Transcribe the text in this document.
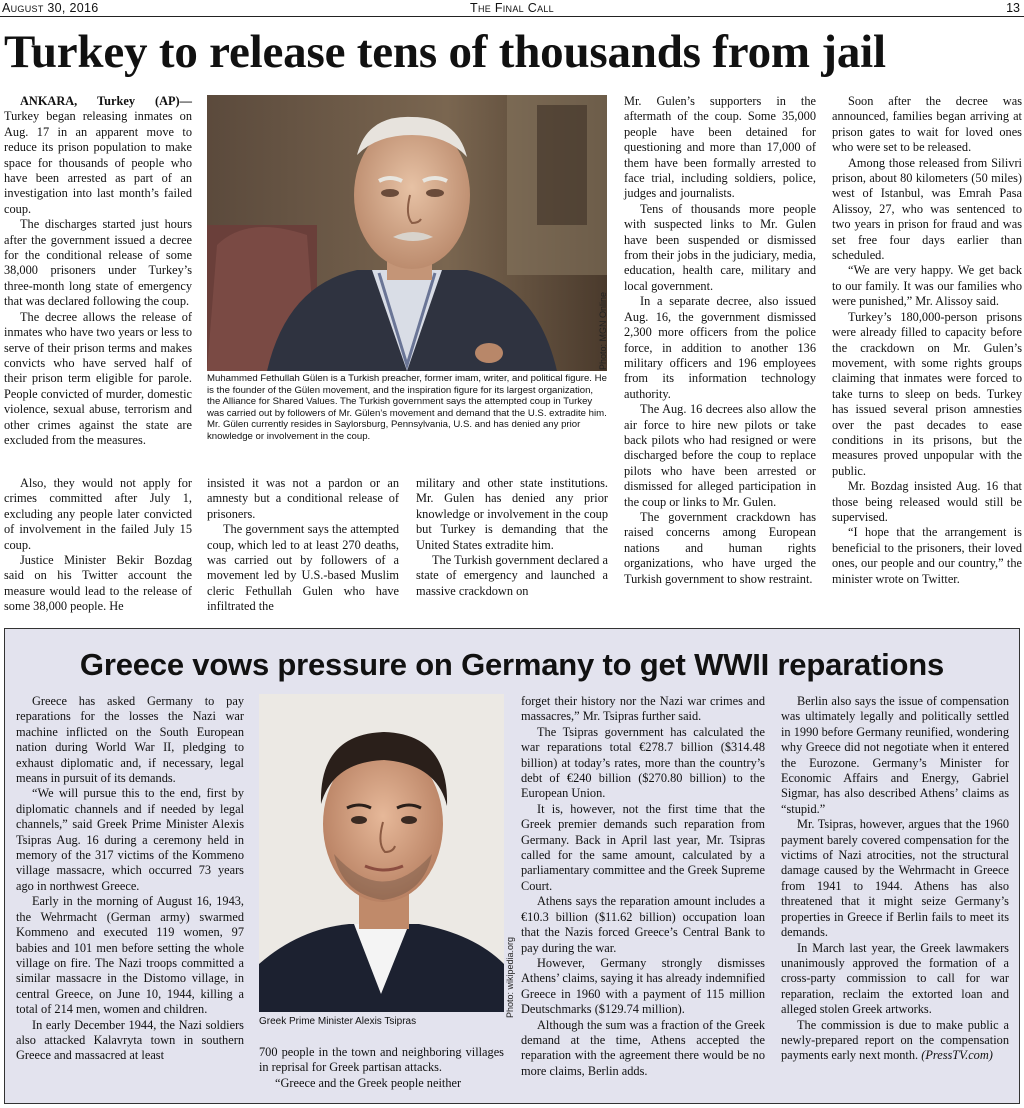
August 30, 2016	The Final Call	13
Turkey to release tens of thousands from jail

ANKARA, Turkey (AP)— Turkey began releasing inmates on Aug. 17 in an apparent move to reduce its prison population to make space for thousands of people who have been arrested as part of an investigation into last month’s failed coup.

The discharges started just hours after the government issued a decree for the conditional release of some 38,000 prisoners under Turkey’s three-month long state of emergency that was declared following the coup.

The decree allows the release of inmates who have two years or less to serve of their prison terms and makes convicts who have served half of their prison term eligible for parole. People convicted of murder, domestic violence, sexual abuse, terrorism and other crimes against the state are excluded from the measures.

Also, they would not apply for crimes committed after July 1, excluding any people later convicted of involvement in the failed July 15 coup.

Justice Minister Bekir Bozdag said on his Twitter account the measure would lead to the release of some 38,000 people. He

Photo: MGN Online
Muhammed Fethullah Gülen is a Turkish preacher, former imam, writer, and political figure. He is the founder of the Gülen movement, and the inspiration figure for its largest organization, the Alliance for Shared Values. The Turkish government says the attempted coup in Turkey was carried out by followers of Mr. Gülen’s movement and demand that the U.S. extradite him. Mr. Gülen currently resides in Saylorsburg, Pennsylvania, U.S. and has denied any prior knowledge or involvement in the coup.

insisted it was not a pardon or an amnesty but a conditional release of prisoners.

The government says the attempted coup, which led to at least 270 deaths, was carried out by followers of a movement led by U.S.-based Muslim cleric Fethullah Gulen who have infiltrated the

military and other state institutions. Mr. Gulen has denied any prior knowledge or involvement in the coup but Turkey is demanding that the United States extradite him.

The Turkish government declared a state of emergency and launched a massive crackdown on

Mr. Gulen’s supporters in the aftermath of the coup. Some 35,000 people have been detained for questioning and more than 17,000 of them have been formally arrested to face trial, including soldiers, police, judges and journalists.

Tens of thousands more people with suspected links to Mr. Gulen have been suspended or dismissed from their jobs in the judiciary, media, education, health care, military and local government.

In a separate decree, also issued Aug. 16, the government dismissed 2,300 more officers from the police force, in addition to another 136 military officers and 196 employees from its information technology authority.

The Aug. 16 decrees also allow the air force to hire new pilots or take back pilots who had resigned or were discharged before the coup to replace pilots who have been arrested or dismissed for alleged participation in the coup or links to Mr. Gulen.

The government crackdown has raised concerns among European nations and human rights organizations, who have urged the Turkish government to show restraint.

Soon after the decree was announced, families began arriving at prison gates to wait for loved ones who were set to be released.

Among those released from Silivri prison, about 80 kilometers (50 miles) west of Istanbul, was Emrah Pasa Alissoy, 27, who was sentenced to two years in prison for fraud and was set free four days earlier than scheduled.

“We are very happy. We get back to our family. It was our families who were punished,” Mr. Alissoy said.

Turkey’s 180,000-person prisons were already filled to capacity before the crackdown on Mr. Gulen’s movement, with some rights groups claiming that inmates were forced to take turns to sleep on beds. Turkey has issued several prison amnesties over the past decades to ease conditions in its prisons, but the measures proved unpopular with the public.

Mr. Bozdag insisted Aug. 16 that those being released would still be supervised.

“I hope that the arrangement is beneficial to the prisoners, their loved ones, our people and our country,” the minister wrote on Twitter.

Greece vows pressure on Germany to get WWII reparations

Greece has asked Germany to pay reparations for the losses the Nazi war machine inflicted on the South European nation during World War II, pledging to exhaust diplomatic and, if necessary, legal means in pursuit of its demands.

“We will pursue this to the end, first by diplomatic channels and if needed by legal channels,” said Greek Prime Minister Alexis Tsipras Aug. 16 during a ceremony held in memory of the 317 victims of the Kommeno village massacre, which occurred 73 years ago in northwest Greece.

Early in the morning of August 16, 1943, the Wehrmacht (German army) swarmed Kommeno and executed 119 women, 97 babies and 101 men before setting the whole village on fire. The Nazi troops committed a similar massacre in the Distomo village, in central Greece, on June 10, 1944, killing a total of 214 men, women and children.

In early December 1944, the Nazi soldiers also attacked Kalavryta town in southern Greece and massacred at least

Photo: wikipedia.org
Greek Prime Minister Alexis Tsipras

700 people in the town and neighboring villages in reprisal for Greek partisan attacks.

“Greece and the Greek people neither

forget their history nor the Nazi war crimes and massacres,” Mr. Tsipras further said.

The Tsipras government has calculated the war reparations total €278.7 billion ($314.48 billion) at today’s rates, more than the country’s debt of €240 billion ($270.80 billion) to the European Union.

It is, however, not the first time that the Greek premier demands such reparation from Germany. Back in April last year, Mr. Tsipras called for the same amount, calculated by a parliamentary committee and the Greek Supreme Court.

Athens says the reparation amount includes a €10.3 billion ($11.62 billion) occupation loan that the Nazis forced Greece’s Central Bank to pay during the war.

However, Germany strongly dismisses Athens’ claims, saying it has already indemnified Greece in 1960 with a payment of 115 million Deutschmarks ($129.74 million).

Although the sum was a fraction of the Greek demand at the time, Athens accepted the reparation with the agreement there would be no more claims, Berlin adds.

Berlin also says the issue of compensation was ultimately legally and politically settled in 1990 before Germany reunified, wondering why Greece did not negotiate when it entered the Eurozone. Germany’s Minister for Economic Affairs and Energy, Gabriel Sigmar, has also described Athens’ claims as “stupid.”

Mr. Tsipras, however, argues that the 1960 payment barely covered compensation for the victims of Nazi atrocities, not the structural damage caused by the Wehrmacht in Greece from 1941 to 1944. Athens has also threatened that it might seize Germany’s properties in Greece if Berlin fails to meet its demands.

In March last year, the Greek lawmakers unanimously approved the formation of a cross-party commission to call for war reparation, reclaim the extorted loan and alleged stolen Greek artworks.

The commission is due to make public a newly-prepared report on the compensation payments early next month. (PressTV.com)
